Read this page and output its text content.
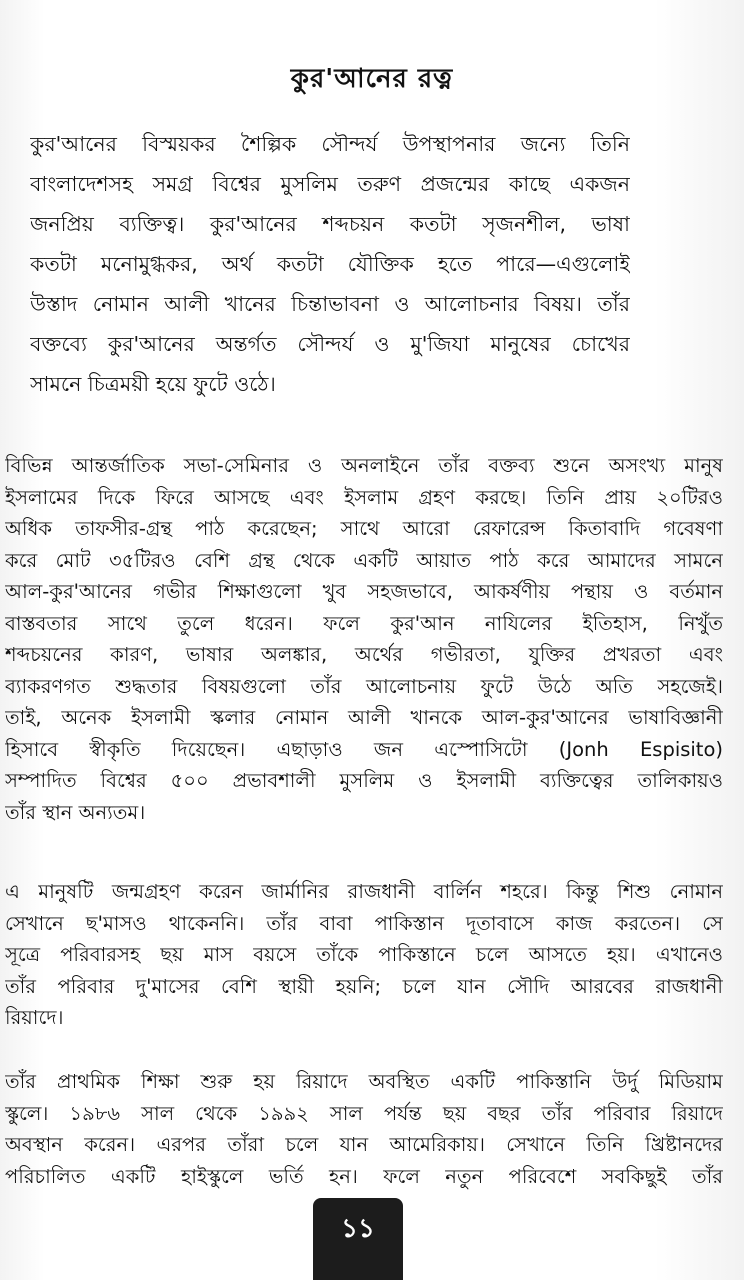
কুর'আনের রত্ন
কুর'আনের বিস্ময়কর শৈল্পিক সৌন্দর্য উপস্থাপনার জন্যে তিনি
বাংলাদেশসহ সমগ্র বিশ্বের মুসলিম তরুণ প্রজন্মের কাছে একজন
জনপ্রিয় ব্যক্তিত্ব। কুর'আনের শব্দচয়ন কতটা সৃজনশীল, ভাষা
কতটা মনোমুগ্ধকর, অর্থ কতটা যৌক্তিক হতে পারে—এগুলোই
উস্তাদ নোমান আলী খানের চিন্তাভাবনা ও আলোচনার বিষয়। তাঁর
বক্তব্যে কুর'আনের অন্তর্গত সৌন্দর্য ও মু'জিযা মানুষের চোখের
সামনে চিত্রময়ী হয়ে ফুটে ওঠে।
বিভিন্ন আন্তর্জাতিক সভা-সেমিনার ও অনলাইনে তাঁর বক্তব্য শুনে অসংখ্য মানুষ
ইসলামের দিকে ফিরে আসছে এবং ইসলাম গ্রহণ করছে। তিনি প্রায় ২০টিরও
অধিক তাফসীর-গ্রন্থ পাঠ করেছেন; সাথে আরো রেফারেন্স কিতাবাদি গবেষণা
করে মোট ৩৫টিরও বেশি গ্রন্থ থেকে একটি আয়াত পাঠ করে আমাদের সামনে
আল-কুর'আনের গভীর শিক্ষাগুলো খুব সহজভাবে, আকর্ষণীয় পন্থায় ও বর্তমান
বাস্তবতার সাথে তুলে ধরেন। ফলে কুর'আন নাযিলের ইতিহাস, নিখুঁত
শব্দচয়নের কারণ, ভাষার অলঙ্কার, অর্থের গভীরতা, যুক্তির প্রখরতা এবং
ব্যাকরণগত শুদ্ধতার বিষয়গুলো তাঁর আলোচনায় ফুটে উঠে অতি সহজেই।
তাই, অনেক ইসলামী স্কলার নোমান আলী খানকে আল-কুর'আনের ভাষাবিজ্ঞানী
হিসাবে স্বীকৃতি দিয়েছেন। এছাড়াও জন এস্পোসিটো (Jonh Espisito)
সম্পাদিত বিশ্বের ৫০০ প্রভাবশালী মুসলিম ও ইসলামী ব্যক্তিত্বের তালিকায়ও
তাঁর স্থান অন্যতম।
এ মানুষটি জন্মগ্রহণ করেন জার্মানির রাজধানী বার্লিন শহরে। কিন্তু শিশু নোমান
সেখানে ছ'মাসও থাকেননি। তাঁর বাবা পাকিস্তান দূতাবাসে কাজ করতেন। সে
সূত্রে পরিবারসহ ছয় মাস বয়সে তাঁকে পাকিস্তানে চলে আসতে হয়। এখানেও
তাঁর পরিবার দু'মাসের বেশি স্থায়ী হয়নি; চলে যান সৌদি আরবের রাজধানী
রিয়াদে।
তাঁর প্রাথমিক শিক্ষা শুরু হয় রিয়াদে অবস্থিত একটি পাকিস্তানি উর্দু মিডিয়াম
স্কুলে। ১৯৮৬ সাল থেকে ১৯৯২ সাল পর্যন্ত ছয় বছর তাঁর পরিবার রিয়াদে
অবস্থান করেন। এরপর তাঁরা চলে যান আমেরিকায়। সেখানে তিনি খ্রিষ্টানদের
পরিচালিত একটি হাইস্কুলে ভর্তি হন। ফলে নতুন পরিবেশে সবকিছুই তাঁর
১১
